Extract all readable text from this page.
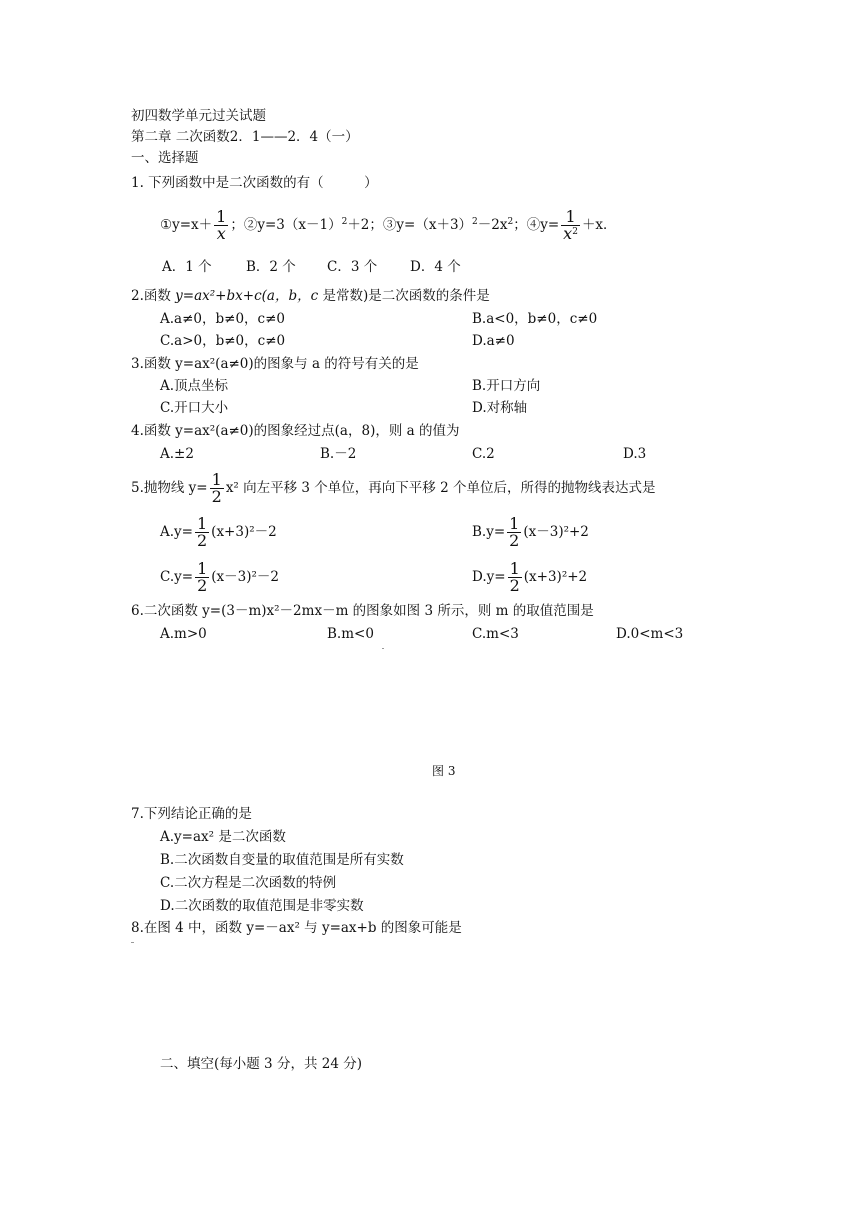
初四数学单元过关试题
第二章 二次函数2．1——2．4（一）
一、选择题
1. 下列函数中是二次函数的有（　　　）
①y=x＋ $\frac{1}{x}$ ；$②y=3(x-1)^2+2$；$③y=(x+3)^2-2x^2$；④y= $\frac{1}{x^2} +x$．
A．1 个	B．2 个 C．3 个 D．4 个
2.函数 y=ax²+bx+c(a，b，c 是常数)是二次函数的条件是
A.a≠0，b≠0，c≠0	B.a<0，b≠0，c≠0
C.a>0，b≠0，c≠0	D.a≠0
3.函数 y=ax²(a≠0)的图象与 a 的符号有关的是
A.顶点坐标	B.开口方向
C.开口大小	D.对称轴
4.函数 y=ax²(a≠0)的图象经过点(a，8)，则 a 的值为
A.±2	B.－2	C.2	D.3
5.抛物线 $y= \frac{1}{2} x^2$ 向左平移 3 个单位，再向下平移 2 个单位后，所得的抛物线表达式是
$A.y= \frac{1}{2} (x+3)^2-2$	$B.y= \frac{1}{2} (x-3)^2+2$
$C.y= \frac{1}{2} (x-3)^2-2$	$D.y= \frac{1}{2} (x+3)^2+2$
6.二次函数 y=(3－m)x²－2mx－m 的图象如图 3 所示，则 m 的取值范围是
A.m>0	B.m<0	C.m<3	D.0<m<3
图 3
7.下列结论正确的是
A.y=ax² 是二次函数
B.二次函数自变量的取值范围是所有实数
C.二次方程是二次函数的特例
D.二次函数的取值范围是非零实数
8.在图 4 中，函数 y=－ax² 与 y=ax+b 的图象可能是
二、填空(每小题 3 分，共 24 分)
